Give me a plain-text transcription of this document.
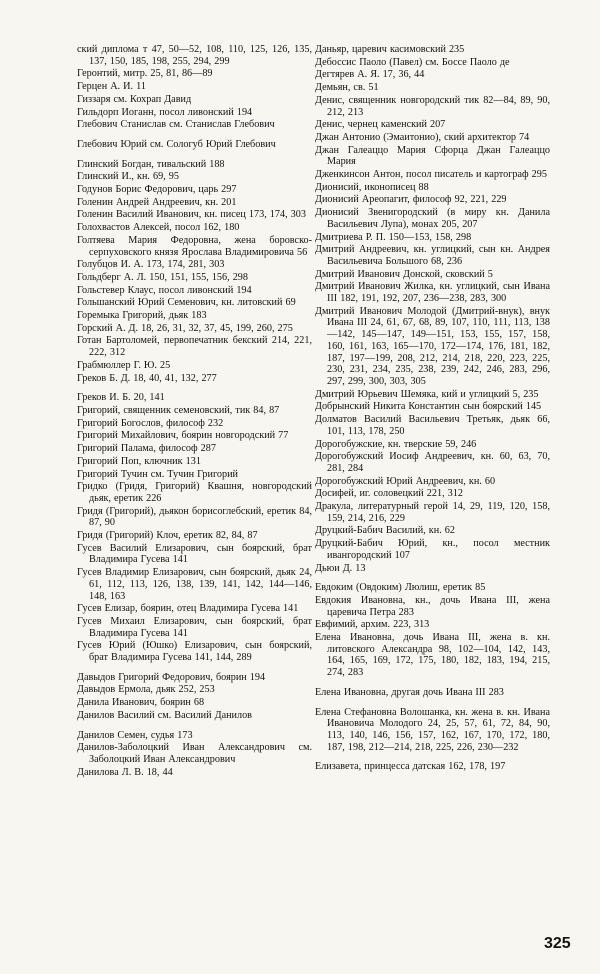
ский диплома т 47, 50—52, 108, 110, 125, 126, 135, 137, 150, 185, 198, 255, 294, 299
Геронтий, митр. 25, 81, 86—89
Герцен А. И. 11
Гиззаря см. Кохрап Давид
Гильдорп Иоганн, посол ливонский 194
Глебович Станислав см. Станислав Глебович
Глебович Юрий см. Сологуб Юрий Глебович
Глинский Богдан, тивальский 188
Глинский И., кн. 69, 95
Годунов Борис Федорович, царь 297
Голенин Андрей Андреевич, кн. 201
Голенин Василий Иванович, кн. писец 173, 174, 303
Голохвастов Алексей, посол 162, 180
Голтяева Мария Федоровна, жена боровско-серпуховского князя Ярослава Владимировича 56
Голубцов И. А. 173, 174, 281, 303
Гольдберг А. Л. 150, 151, 155, 156, 298
Гольстевер Клаус, посол ливонский 194
Гольшанский Юрий Семенович, кн. литовский 69
Горемыка Григорий, дьяк 183
Горский А. Д. 18, 26, 31, 32, 37, 45, 199, 260, 275
Готан Бартоломей, первопечатник бекский 214, 221, 222, 312
Грабмюллер Г. Ю. 25
Греков Б. Д. 18, 40, 41, 132, 277
Греков И. Б. 20, 141
Григорий, священник семеновский, тик 84, 87
Григорий Богослов, философ 232
Григорий Михайлович, боярин новгородский 77
Григорий Палама, философ 287
Григорий Поп, ключник 131
Григорий Тучин см. Тучин Григорий
Гридко (Гридя, Григорий) Квашня, новгородский дьяк, еретик 226
Гридя (Григорий), дьякон борисоглебский, еретик 84, 87, 90
Гридя (Григорий) Клоч, еретик 82, 84, 87
Гусев Василий Елизарович, сын боярский, брат Владимира Гусева 141
Гусев Владимир Елизарович, сын боярский, дьяк 24, 61, 112, 113, 126, 138, 139, 141, 142, 144—146, 148, 163
Гусев Елизар, боярин, отец Владимира Гусева 141
Гусев Михаил Елизарович, сын боярский, брат Владимира Гусева 141
Гусев Юрий (Юшко) Елизарович, сын боярский, брат Владимира Гусева 141, 144, 289
Давыдов Григорий Федорович, боярин 194
Давыдов Ермола, дьяк 252, 253
Данила Иванович, боярин 68
Данилов Василий см. Василий Данилов
Данилов Семен, судья 173
Данилов-Заболоцкий Иван Александрович см. Заболоцкий Иван Александрович
Данилова Л. В. 18, 44
Даньяр, царевич касимовский 235
Дебоссис Паоло (Павел) см. Боссе Паоло де
Дегтярев А. Я. 17, 36, 44
Демьян, св. 51
Денис, священник новгородский тик 82—84, 89, 90, 212, 213
Денис, чернец каменский 207
Джан Антонио (Эмаитонио), ский архитектор 74
Джан Галеаццо Мария Сфорца Джан Галеаццо Мария
Дженкинсон Антон, посол писатель и картограф 295
Дионисий, иконописец 88
Дионисий Ареопагит, философ 92, 221, 229
Дионисий Звенигородский (в миру кн. Данила Васильевич Лупа), монах 205, 207
Дмитриева Р. П. 150—153, 158, 298
Дмитрий Андреевич, кн. углицкий, сын кн. Андрея Васильевича Большого 68, 236
Дмитрий Иванович Донской, сковский 5
Дмитрий Иванович Жилка, кн. углицкий, сын Ивана III 182, 191, 192, 207, 236—238, 283, 300
Дмитрий Иванович Молодой (Дмитрий-внук), внук Ивана III 24, 61, 67, 68, 89, 107, 110, 111, 113, 138—142, 145—147, 149—151, 153, 155, 157, 158, 160, 161, 163, 165—170, 172—174, 176, 181, 182, 187, 197—199, 208, 212, 214, 218, 220, 223, 225, 230, 231, 234, 235, 238, 239, 242, 246, 283, 296, 297, 299, 300, 303, 305
Дмитрий Юрьевич Шемяка, кий и углицкий 5, 235
Добрынский Никита Константин сын боярский 145
Долматов Василий Васильевич Третьяк, дьяк 66, 101, 113, 178, 250
Дорогобужские, кн. тверские 59, 246
Дорогобужский Иосиф Андреевич, кн. 60, 63, 70, 281, 284
Дорогобужский Юрий Андреевич, кн. 60
Досифей, иг. соловецкий 221, 312
Дракула, литературный герой 14, 29, 119, 120, 158, 159, 214, 216, 229
Друцкий-Бабич Василий, кн. 62
Друцкий-Бабич Юрий, кн., посол местник ивангородский 107
Дьюи Д. 13
Евдоким (Овдоким) Люлиш, еретик 85
Евдокия Ивановна, кн., дочь Ивана III, жена царевича Петра 283
Евфимий, архим. 223, 313
Елена Ивановна, дочь Ивана III, жена в. кн. литовского Александра 98, 102—104, 142, 143, 164, 165, 169, 172, 175, 180, 182, 183, 194, 215, 274, 283
Елена Ивановна, другая дочь Ивана III 283
Елена Стефановна Волошанка, кн. жена в. кн. Ивана Ивановича Молодого 24, 25, 57, 61, 72, 84, 90, 113, 140, 146, 156, 157, 162, 167, 170, 172, 180, 187, 198, 212—214, 218, 225, 226, 230—232
Елизавета, принцесса датская 162, 178, 197
325
